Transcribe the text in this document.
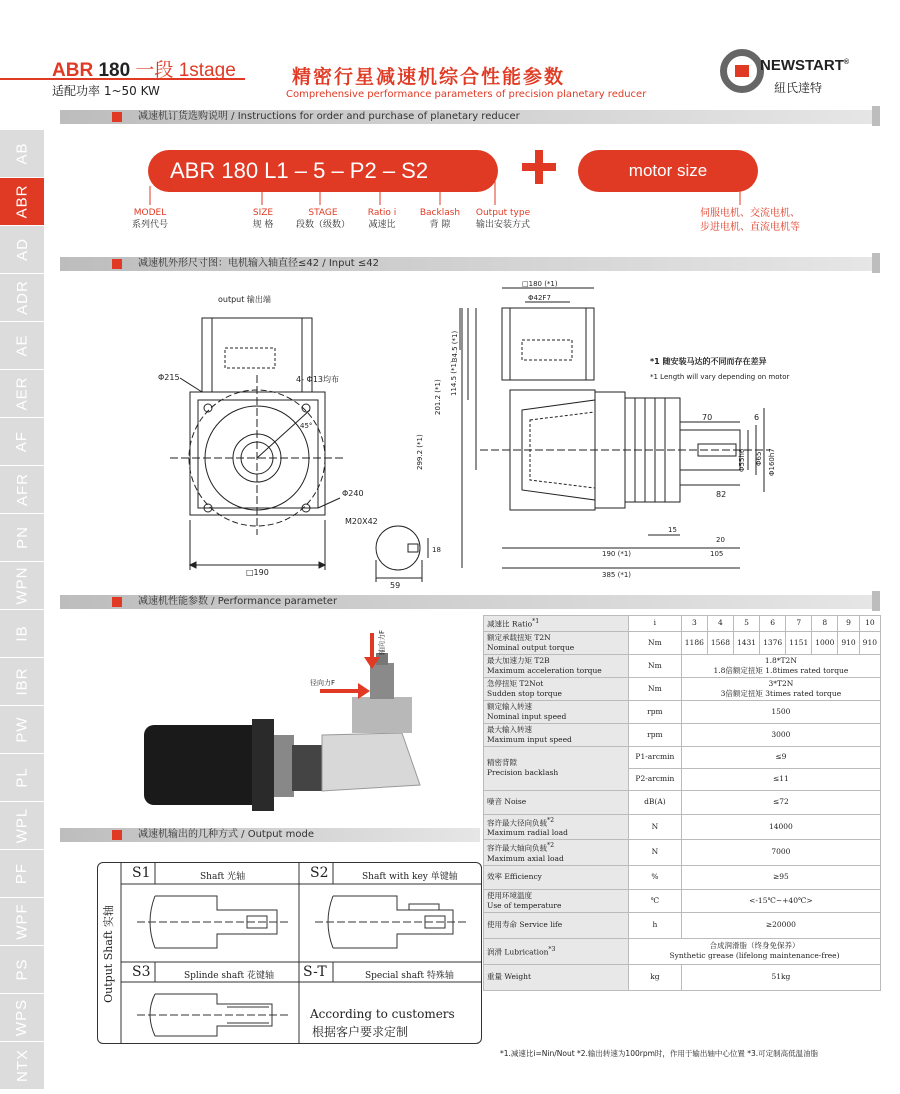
AB
ABR
AD
ADR
AE
AER
AF
AFR
PN
WPN
IB
IBR
PW
PL
WPL
PF
WPF
PS
WPS
NTX
ABR 180 一段 1stage
适配功率 1~50 KW
精密行星减速机综合性能参数
Comprehensive performance parameters of precision planetary reducer
NEWSTART®
紐氏達特
减速机订货选购说明 / Instructions for order and purchase of planetary reducer
ABR 180 L1 – 5 – P2 – S2	motor size
MODEL
系列代号
SIZE
规 格
STAGE
段数（级数）
Ratio i
减速比
Backlash
背 隙
Output type
输出安装方式
伺服电机、交流电机、
步进电机、直流电机等
减速机外形尺寸图：电机输入轴直径≤42 / Input ≤42
output 输出端
Φ215	4- Φ13均布
45°
Φ240
M20X42
□190
59
18
□180 (*1)
Φ42F7
34.5 (*1)
114.5 (*1)
201.2 (*1)
299.2 (*1)
70	6
Φ55h6 Φ65 Φ160h7
82
15
20
190 (*1)	105
385 (*1)
*1 随安装马达的不同而存在差异
*1 Length will vary depending on motor
减速机性能参数 / Performance parameter
径向力F
轴向力F
减速比 Ratio$^{*1}$	i	3	4	5	6	7	8	9	10
额定承载扭矩 T2N
Nominal output torque	Nm	1186	1568	1431	1376	1151	1000	910	910
最大加速力矩 T2B
Maximum acceleration torque	Nm	1.8*T2N
1.8倍额定扭矩 1.8times rated torque							
急停扭矩 T2Not
Sudden stop torque	Nm	3*T2N
3倍额定扭矩 3times rated torque							
额定输入转速
Nominal input speed	rpm	1500							
最大输入转速
Maximum input speed	rpm	3000							
精密背隙
Precision backlash	P1-arcmin	≤9							
	P2-arcmin	≤11							
噪音 Noise	dB(A)	≤72							
容许最大径向负载$^{*2}$
Maximum radial load	N	14000							
容许最大轴向负载$^{*2}$
Maximum axial load	N	7000							
效率 Efficiency	%	≥95							
使用环境温度
Use of temperature	℃	<-15℃~+40℃>							
使用寿命 Service life	h	≥20000							
润滑 Lubrication$^{*3}$	合成润滑脂（终身免保养）
Synthetic grease (lifelong maintenance-free)								
重量 Weight	kg	51kg							
*1.减速比i=Nin/Nout *2.输出转速为100rpm时，作用于输出轴中心位置 *3.可定制高低温油脂
减速机输出的几种方式 / Output mode
Output Shaft 实轴
S1	Shaft 光轴	S2	Shaft with key 单键轴
S3	Splinde shaft 花键轴 S-T	Special shaft 特殊轴
According to customers
根据客户要求定制
